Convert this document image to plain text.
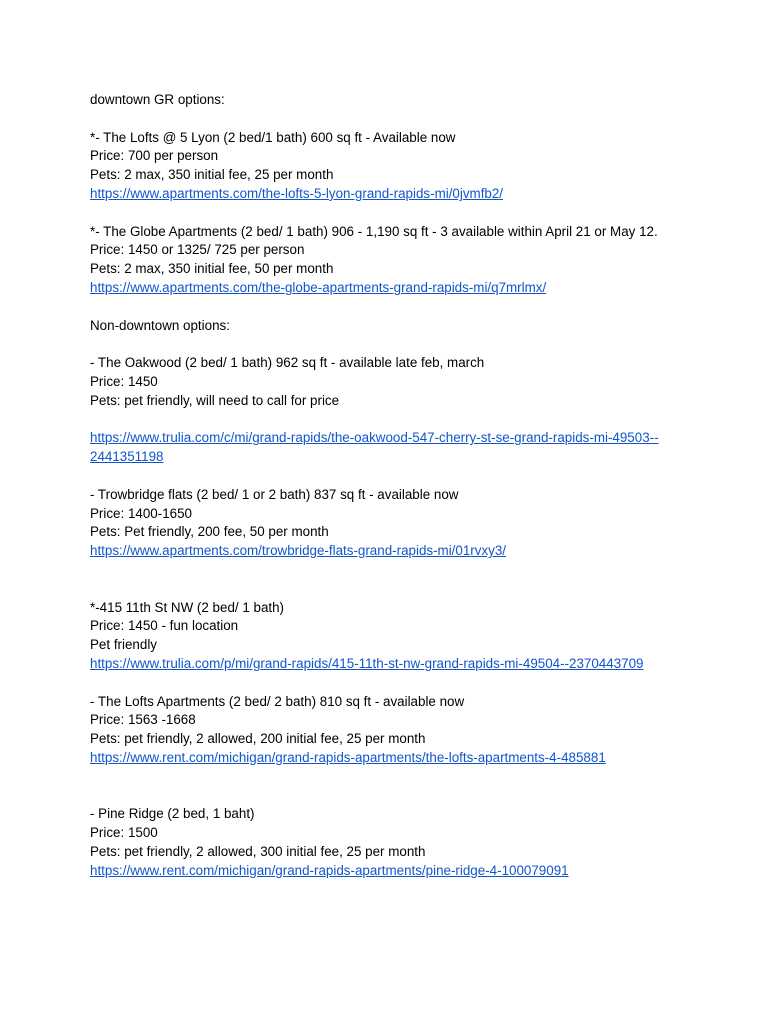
downtown GR options:
*- The Lofts @ 5 Lyon (2 bed/1 bath) 600 sq ft - Available now
Price: 700 per person
Pets: 2 max, 350 initial fee, 25 per month
https://www.apartments.com/the-lofts-5-lyon-grand-rapids-mi/0jvmfb2/
*- The Globe Apartments (2 bed/ 1 bath) 906 - 1,190 sq ft - 3 available within April 21 or May 12.
Price: 1450 or 1325/ 725 per person
Pets: 2 max, 350 initial fee, 50 per month
https://www.apartments.com/the-globe-apartments-grand-rapids-mi/q7mrlmx/
Non-downtown options:
- The Oakwood (2 bed/ 1 bath) 962 sq ft - available late feb, march
Price: 1450
Pets: pet friendly, will need to call for price
https://www.trulia.com/c/mi/grand-rapids/the-oakwood-547-cherry-st-se-grand-rapids-mi-49503--
2441351198
- Trowbridge flats (2 bed/ 1 or 2 bath) 837 sq ft - available now
Price: 1400-1650
Pets: Pet friendly, 200 fee, 50 per month
https://www.apartments.com/trowbridge-flats-grand-rapids-mi/01rvxy3/
*-415 11th St NW (2 bed/ 1 bath)
Price: 1450 - fun location
Pet friendly
https://www.trulia.com/p/mi/grand-rapids/415-11th-st-nw-grand-rapids-mi-49504--2370443709
- The Lofts Apartments (2 bed/ 2 bath) 810 sq ft - available now
Price: 1563 -1668
Pets: pet friendly, 2 allowed, 200 initial fee, 25 per month
https://www.rent.com/michigan/grand-rapids-apartments/the-lofts-apartments-4-485881
- Pine Ridge (2 bed, 1 baht)
Price: 1500
Pets: pet friendly, 2 allowed, 300 initial fee, 25 per month
https://www.rent.com/michigan/grand-rapids-apartments/pine-ridge-4-100079091
